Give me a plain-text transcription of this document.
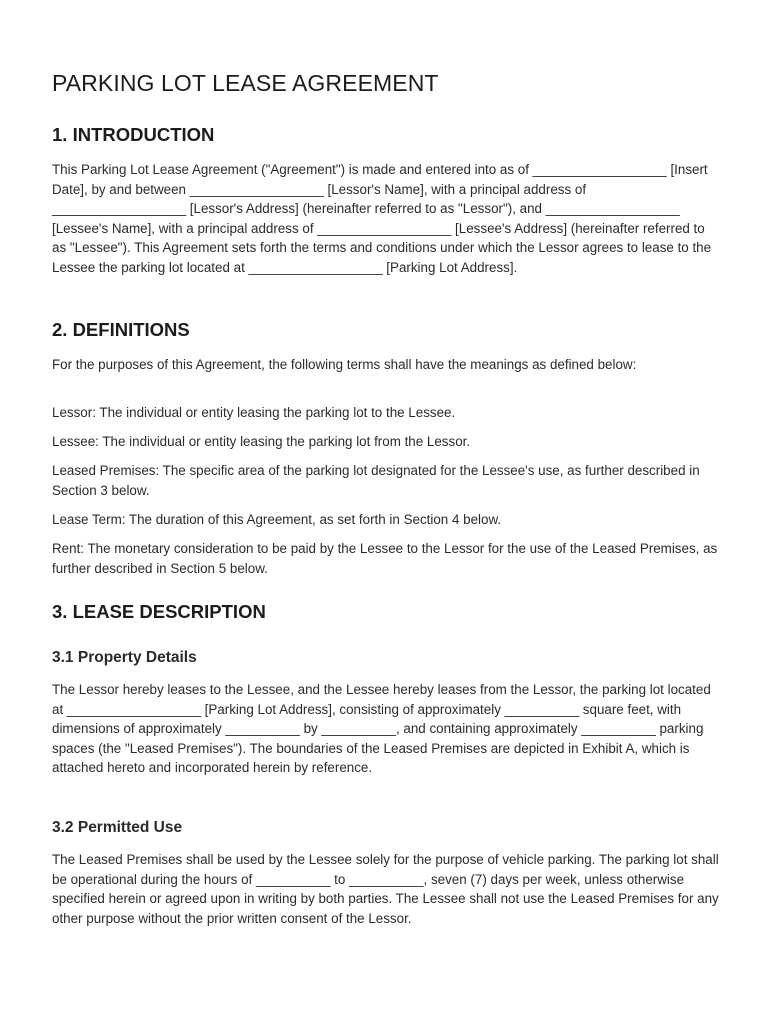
PARKING LOT LEASE AGREEMENT
1. INTRODUCTION

This Parking Lot Lease Agreement ("Agreement") is made and entered into as of __________________ [Insert Date], by and between __________________ [Lessor's Name], with a principal address of __________________ [Lessor's Address] (hereinafter referred to as "Lessor"), and __________________ [Lessee's Name], with a principal address of __________________ [Lessee's Address] (hereinafter referred to as "Lessee"). This Agreement sets forth the terms and conditions under which the Lessor agrees to lease to the Lessee the parking lot located at __________________ [Parking Lot Address].

2. DEFINITIONS

For the purposes of this Agreement, the following terms shall have the meanings as defined below:

Lessor: The individual or entity leasing the parking lot to the Lessee.

Lessee: The individual or entity leasing the parking lot from the Lessor.

Leased Premises: The specific area of the parking lot designated for the Lessee's use, as further described in Section 3 below.

Lease Term: The duration of this Agreement, as set forth in Section 4 below.

Rent: The monetary consideration to be paid by the Lessee to the Lessor for the use of the Leased Premises, as further described in Section 5 below.

3. LEASE DESCRIPTION
3.1 Property Details

The Lessor hereby leases to the Lessee, and the Lessee hereby leases from the Lessor, the parking lot located at __________________ [Parking Lot Address], consisting of approximately __________ square feet, with dimensions of approximately __________ by __________, and containing approximately __________ parking spaces (the "Leased Premises"). The boundaries of the Leased Premises are depicted in Exhibit A, which is attached hereto and incorporated herein by reference.

3.2 Permitted Use

The Leased Premises shall be used by the Lessee solely for the purpose of vehicle parking. The parking lot shall be operational during the hours of __________ to __________, seven (7) days per week, unless otherwise specified herein or agreed upon in writing by both parties. The Lessee shall not use the Leased Premises for any other purpose without the prior written consent of the Lessor.
